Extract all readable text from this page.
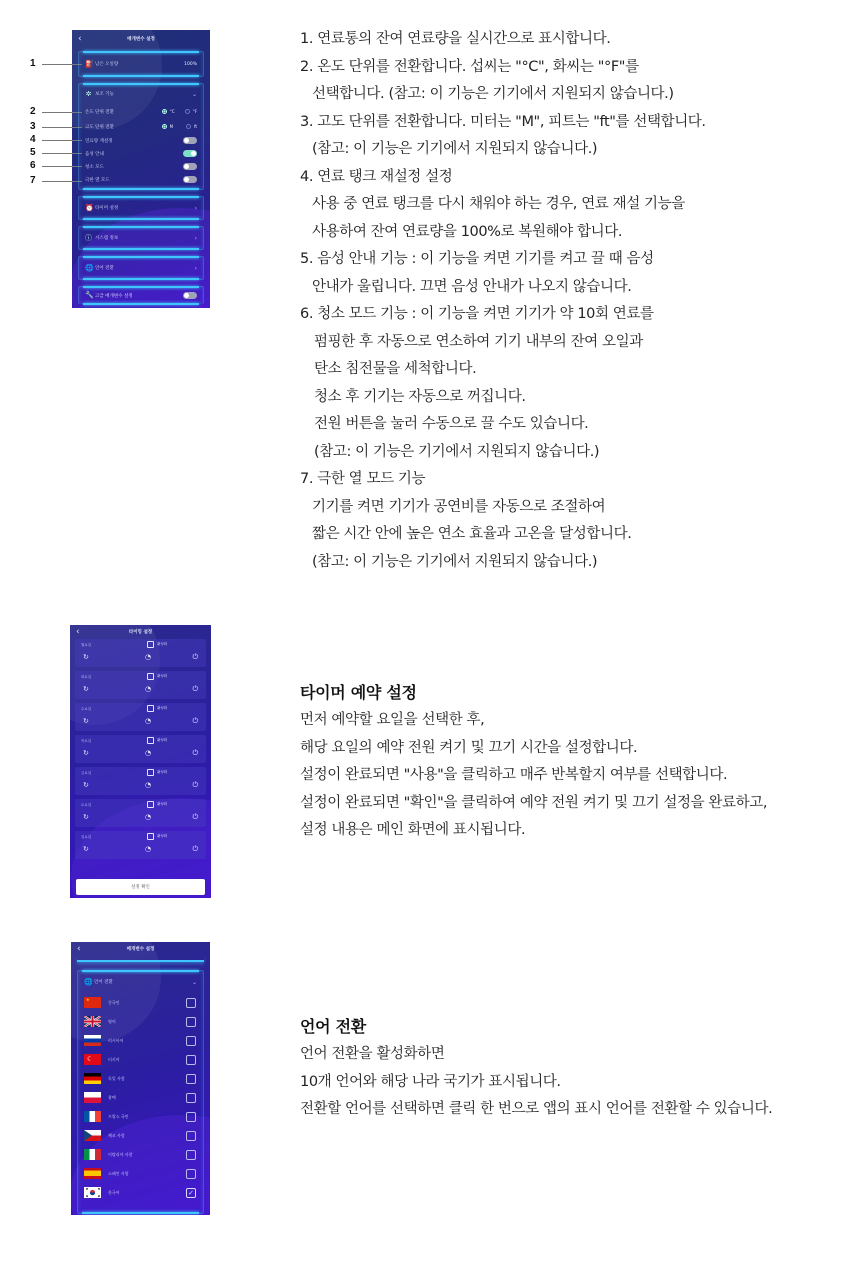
‹	매개변수 설정
⛽ 남은 오일량	100%
✲ 보조 기능	⌄
온도 단위 전환	°C	°F
고도 단위 전환	M	ft
연료량 재설정
음성 안내
청소 모드
극한 열 모드
⏰ 타이머 설정	›
ⓘ 시스템 정보	›
🌐 언어 전환	›
🔧 고급 매개변수 설정
1
2
3
4
5
6
7

1. 연료통의 잔여 연료량을 실시간으로 표시합니다.

2. 온도 단위를 전환합니다. 섭씨는 "°C", 화씨는 "°F"를

선택합니다. (참고: 이 기능은 기기에서 지원되지 않습니다.)

3. 고도 단위를 전환합니다. 미터는 "M", 피트는 "ft"를 선택합니다.

(참고: 이 기능은 기기에서 지원되지 않습니다.)

4. 연료 탱크 재설정 설정

사용 중 연료 탱크를 다시 채워야 하는 경우, 연료 재설 기능을

사용하여 잔여 연료량을 100%로 복원해야 합니다.

5. 음성 안내 기능 : 이 기능을 켜면 기기를 켜고 끌 때 음성

안내가 울립니다. 끄면 음성 안내가 나오지 않습니다.

6. 청소 모드 기능 : 이 기능을 켜면 기기가 약 10회 연료를

펌핑한 후 자동으로 연소하여 기기 내부의 잔여 오일과

탄소 침전물을 세척합니다.

청소 후 기기는 자동으로 꺼집니다.

전원 버튼을 눌러 수동으로 끌 수도 있습니다.

(참고: 이 기능은 기기에서 지원되지 않습니다.)

7. 극한 열 모드 기능

기기를 켜면 기기가 공연비를 자동으로 조절하여

짧은 시간 안에 높은 연소 효율과 고온을 달성합니다.

(참고: 이 기능은 기기에서 지원되지 않습니다.)

‹	타이밍 설정
월요일	활성화
↻	◔	⏻
화요일	활성화
↻	◔	⏻
수요일	활성화
↻	◔	⏻
목요일	활성화
↻	◔	⏻
금요일	활성화
↻	◔	⏻
토요일	활성화
↻	◔	⏻
일요일	활성화
↻	◔	⏻
설정 확인
타이머 예약 설정

먼저 예약할 요일을 선택한 후,

해당 요일의 예약 전원 켜기 및 끄기 시간을 설정합니다.

설정이 완료되면 "사용"을 클릭하고 매주 반복할지 여부를 선택합니다.

설정이 완료되면 "확인"을 클릭하여 예약 전원 켜기 및 끄기 설정을 완료하고,

설정 내용은 메인 화면에 표시됩니다.

‹	매개변수 설정
🌐 언어 전환	⌄
★	중국인
영어
러시아어
☾	터키어
독일 사람
광택
프랑스 국민
체코 사람
이탈리아 사람
스페인 사람
한국어	✓
언어 전환

언어 전환을 활성화하면

10개 언어와 해당 나라 국기가 표시됩니다.

전환할 언어를 선택하면 클릭 한 번으로 앱의 표시 언어를 전환할 수 있습니다.
